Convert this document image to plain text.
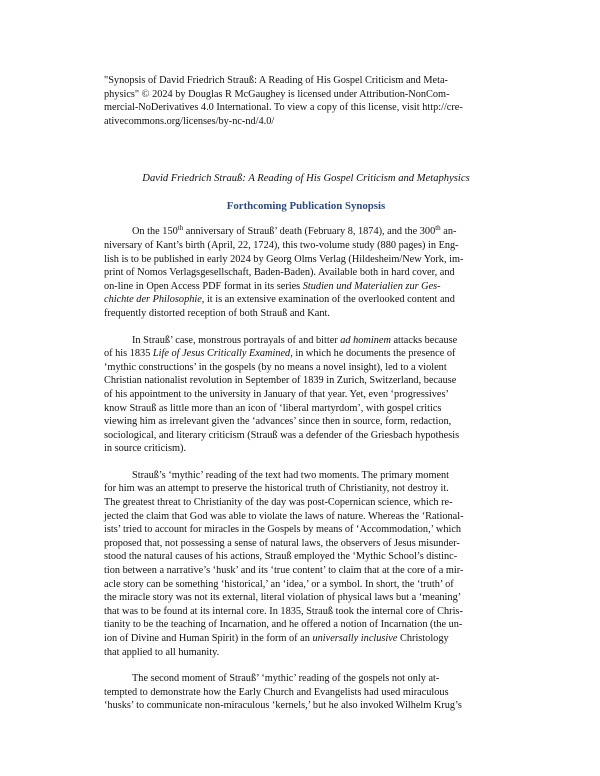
"Synopsis of David Friedrich Strauß: A Reading of His Gospel Criticism and Meta-
physics" © 2024 by Douglas R McGaughey is licensed under Attribution-NonCom-
mercial-NoDerivatives 4.0 International. To view a copy of this license, visit http://cre-
ativecommons.org/licenses/by-nc-nd/4.0/

David Friedrich Strauß: A Reading of His Gospel Criticism and Metaphysics

Forthcoming Publication Synopsis

On the 150th anniversary of Strauß’ death (February 8, 1874), and the 300th an-
niversary of Kant’s birth (April, 22, 1724), this two-volume study (880 pages) in Eng-
lish is to be published in early 2024 by Georg Olms Verlag (Hildesheim/New York, im-
print of Nomos Verlagsgesellschaft, Baden-Baden). Available both in hard cover, and
on-line in Open Access PDF format in its series Studien und Materialien zur Ges-
chichte der Philosophie, it is an extensive examination of the overlooked content and
frequently distorted reception of both Strauß and Kant.

In Strauß’ case, monstrous portrayals of and bitter ad hominem attacks because
of his 1835 Life of Jesus Critically Examined, in which he documents the presence of
‘mythic constructions’ in the gospels (by no means a novel insight), led to a violent
Christian nationalist revolution in September of 1839 in Zurich, Switzerland, because
of his appointment to the university in January of that year. Yet, even ‘progressives’
know Strauß as little more than an icon of ‘liberal martyrdom’, with gospel critics
viewing him as irrelevant given the ‘advances’ since then in source, form, redaction,
sociological, and literary criticism (Strauß was a defender of the Griesbach hypothesis
in source criticism).

Strauß’s ‘mythic’ reading of the text had two moments. The primary moment
for him was an attempt to preserve the historical truth of Christianity, not destroy it.
The greatest threat to Christianity of the day was post-Copernican science, which re-
jected the claim that God was able to violate the laws of nature. Whereas the ‘Rational-
ists’ tried to account for miracles in the Gospels by means of ‘Accommodation,’ which
proposed that, not possessing a sense of natural laws, the observers of Jesus misunder-
stood the natural causes of his actions, Strauß employed the ‘Mythic School’s distinc-
tion between a narrative’s ‘husk’ and its ‘true content’ to claim that at the core of a mir-
acle story can be something ‘historical,’ an ‘idea,’ or a symbol. In short, the ‘truth’ of
the miracle story was not its external, literal violation of physical laws but a ‘meaning’
that was to be found at its internal core. In 1835, Strauß took the internal core of Chris-
tianity to be the teaching of Incarnation, and he offered a notion of Incarnation (the un-
ion of Divine and Human Spirit) in the form of an universally inclusive Christology
that applied to all humanity.

The second moment of Strauß’ ‘mythic’ reading of the gospels not only at-
tempted to demonstrate how the Early Church and Evangelists had used miraculous
‘husks’ to communicate non-miraculous ‘kernels,’ but he also invoked Wilhelm Krug’s
